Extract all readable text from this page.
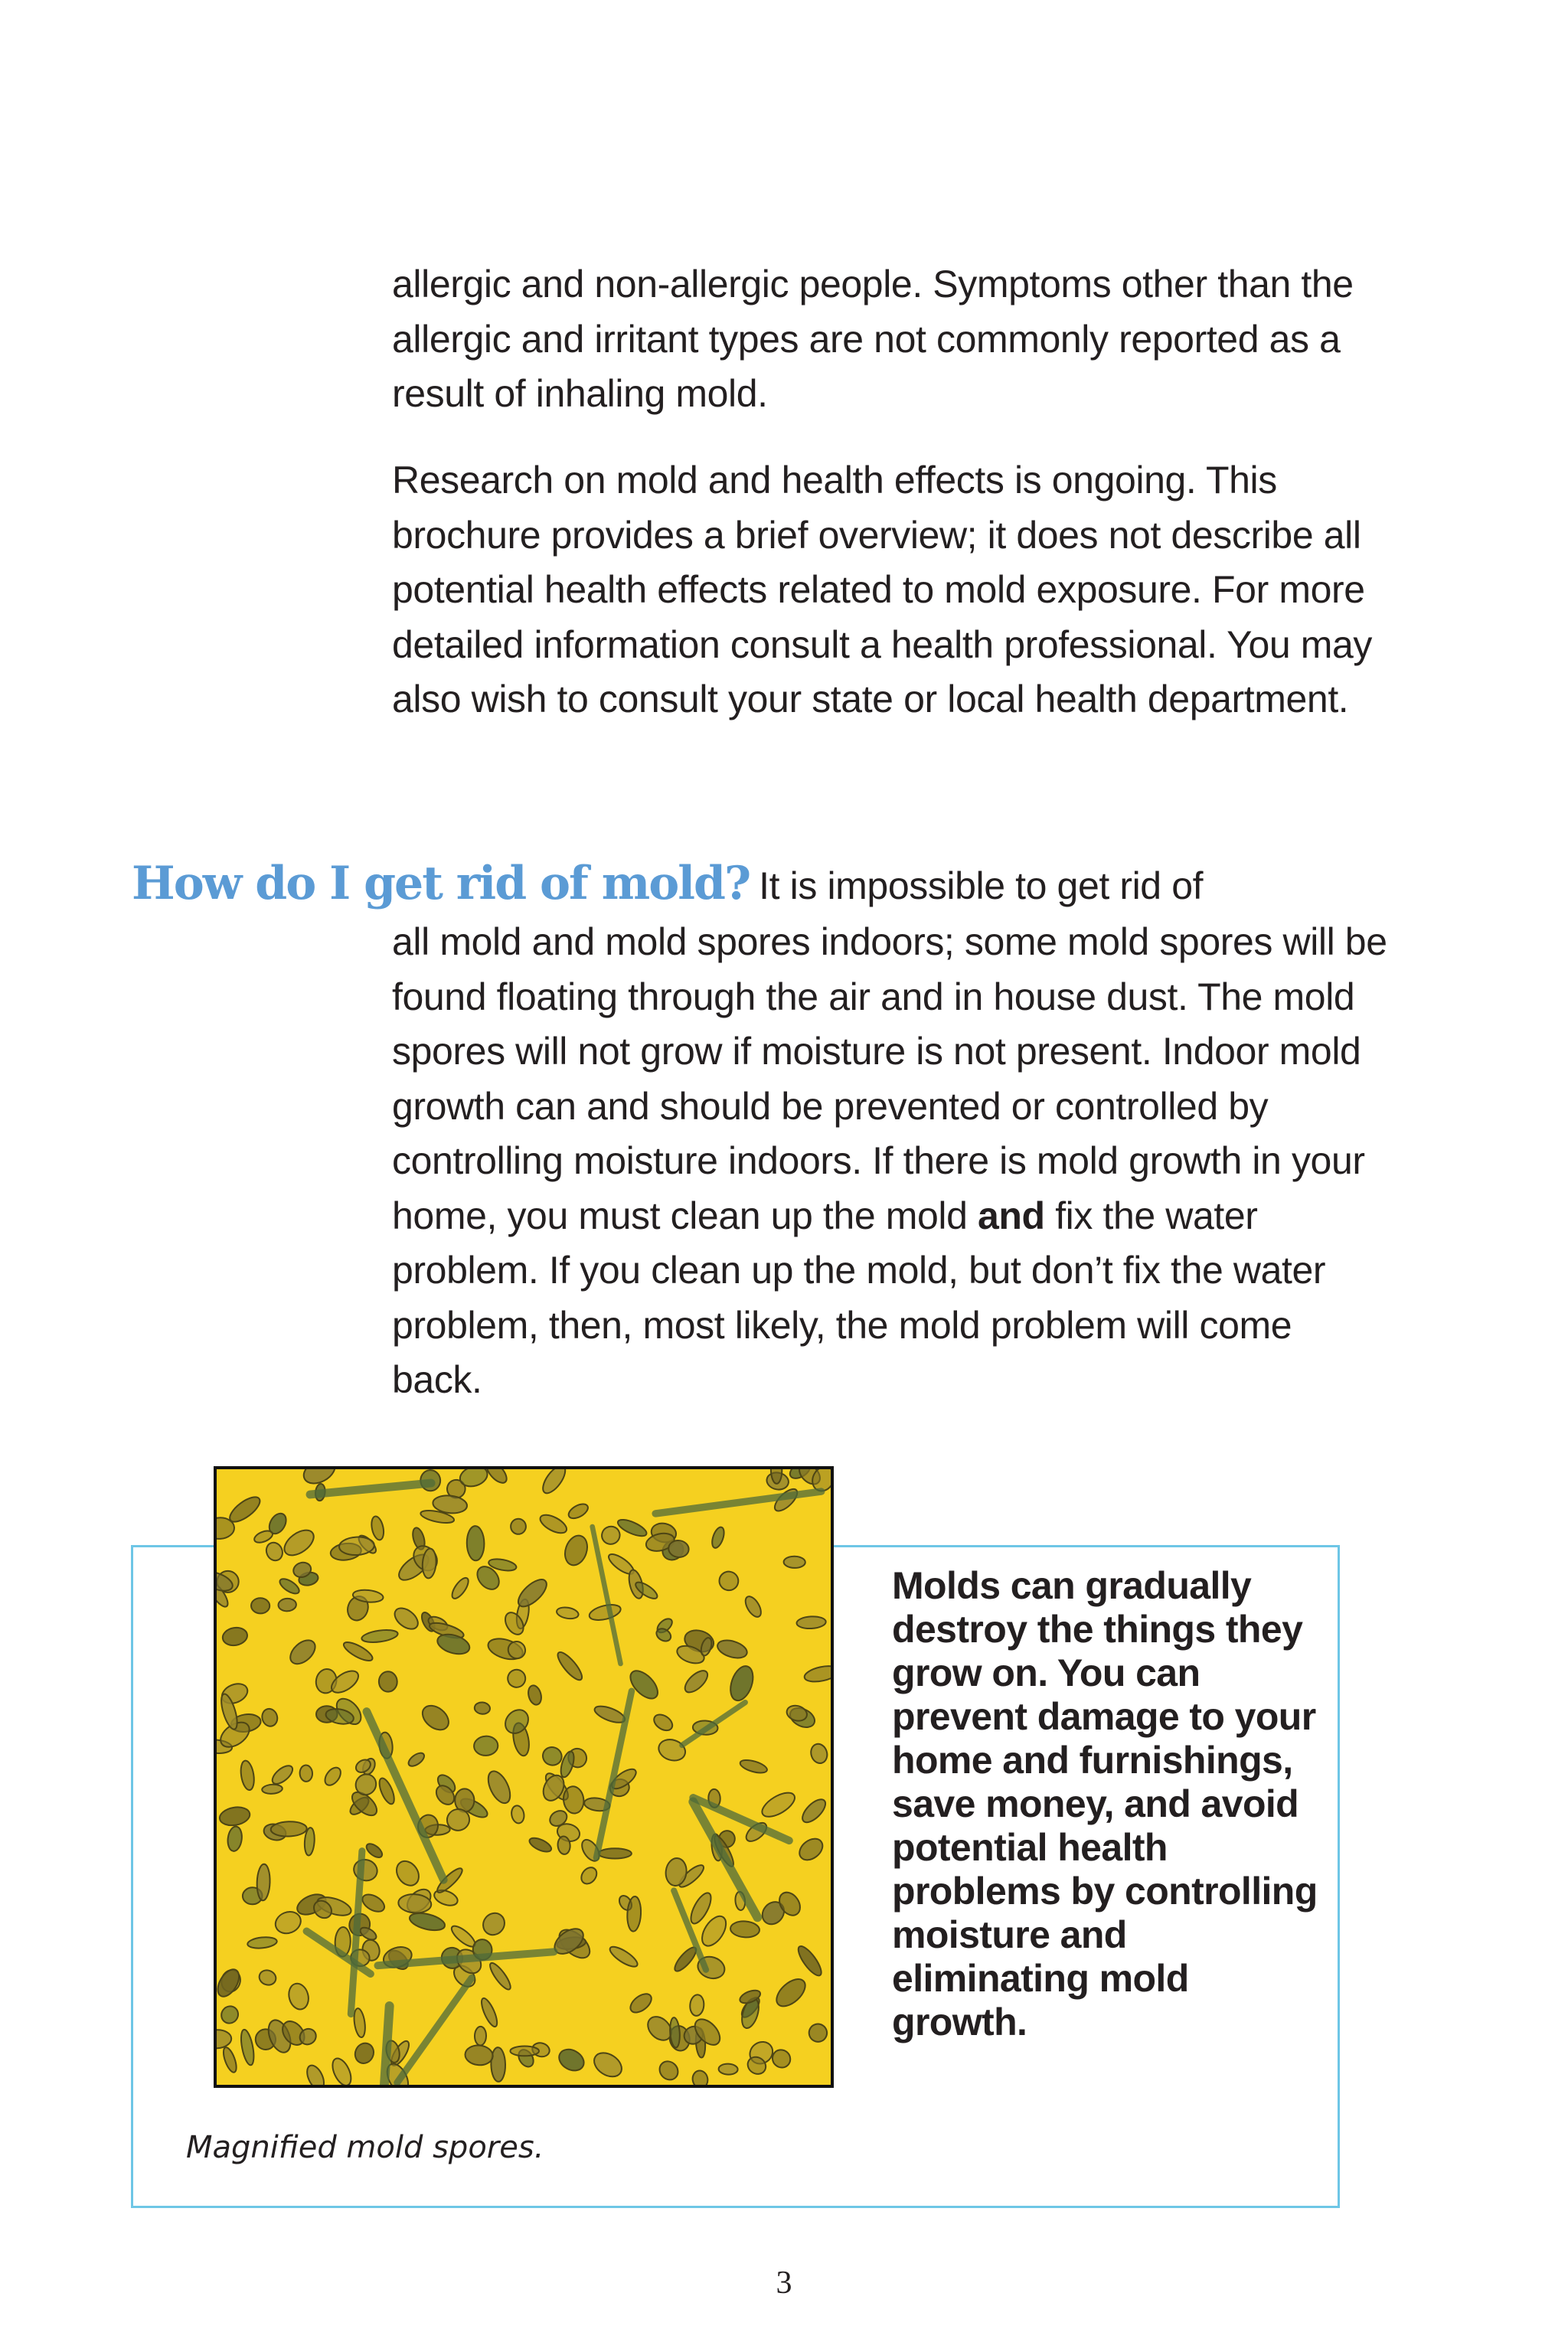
allergic and non-allergic people. Symptoms other than the allergic and irritant types are not commonly reported as a result of inhaling mold.

Research on mold and health effects is ongoing. This brochure provides a brief overview; it does not describe all potential health effects related to mold exposure. For more detailed information consult a health professional. You may also wish to consult your state or local health department.

How do I get rid of mold? It is impossible to get rid of

all mold and mold spores indoors; some mold spores will be found floating through the air and in house dust. The mold spores will not grow if moisture is not present. Indoor mold growth can and should be prevented or controlled by controlling moisture indoors. If there is mold growth in your home, you must clean up the mold and fix the water problem. If you clean up the mold, but don’t fix the water problem, then, most likely, the mold problem will come back.

Magnified mold spores.

Molds can gradually destroy the things they grow on. You can prevent damage to your home and furnishings, save money, and avoid potential health problems by controlling moisture and eliminating mold growth.

3
